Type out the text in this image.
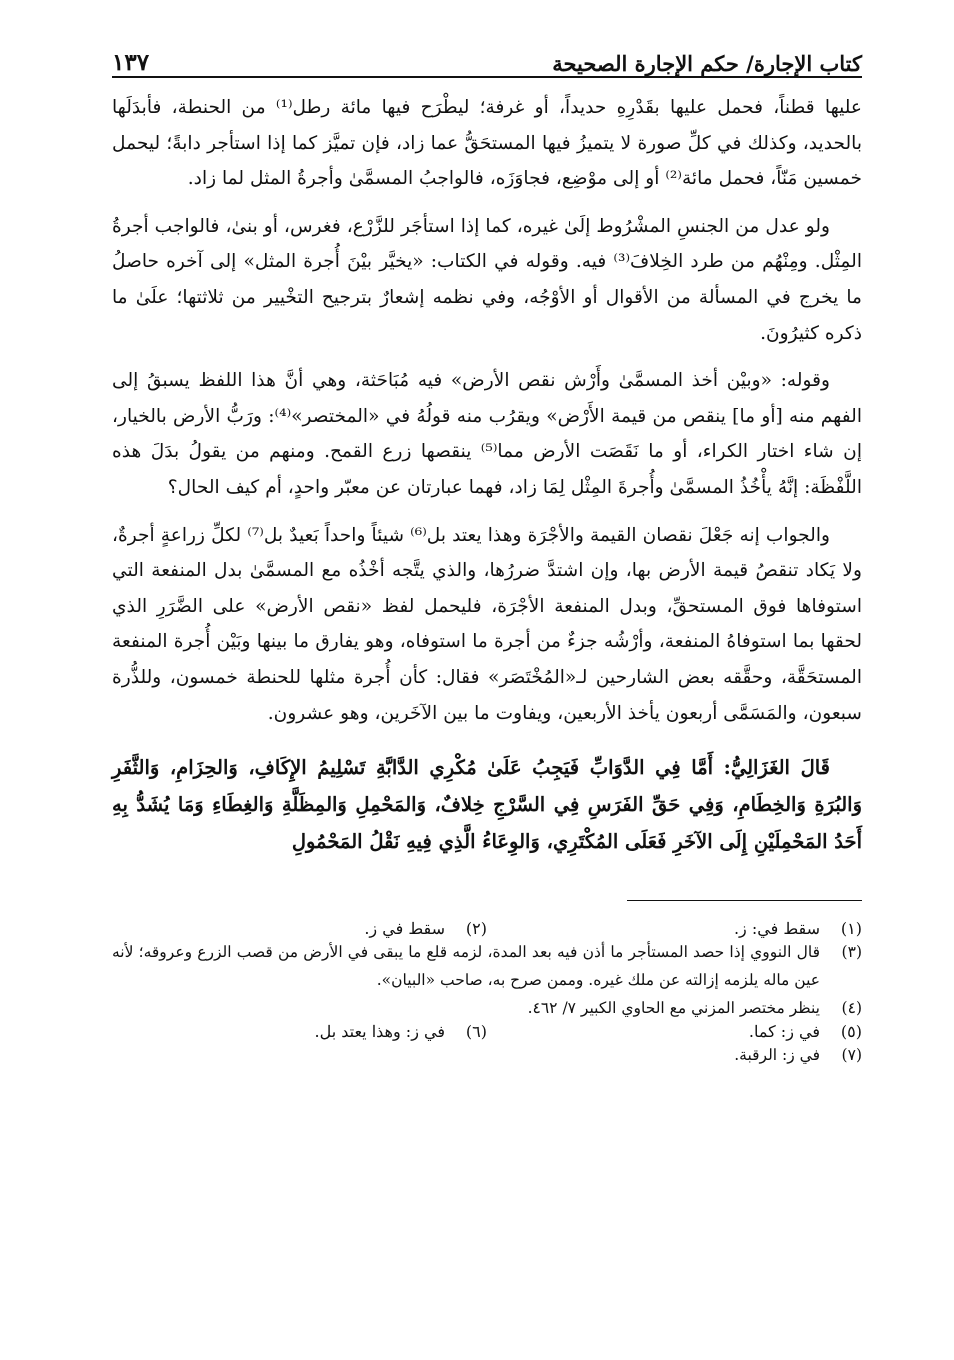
كتاب الإجارة/ حكم الإجارة الصحيحة
١٣٧

عليها قطناً، فحمل عليها بقَدْرِهِ حديداً، أو غرفة؛ ليطْرَح فيها مائة رطل⁽¹⁾ من الحنطة، فأبدَلَها بالحديد، وكذلك في كلِّ صورة لا يتميزُ فيها المستحَقُّ عما زاد، فإن تميَّز كما إذا استأجر دابةً؛ ليحمل خمسين مَنّاً، فحمل مائة⁽²⁾ أو إلى موْضِع، فجاوَزَه، فالواجبُ المسمَّىٰ وأجرةُ المثل لما زاد.

ولو عدل من الجنسِ المشْرُوط إلَىٰ غيره، كما إذا استأجَر للزَّرْع، فغرس، أو بنىٰ، فالواجب أجرةُ المِثْل. ومِنْهُم من طرد الخِلافَ⁽³⁾ فيه. وقوله في الكتاب: «يخيَّر بيْنَ أُجرة المثل» إلى آخره حاصلُ ما يخرج في المسألة من الأقوال أو الأوْجُه، وفي نظمه إشعارٌ بترجيح التخْيير من ثلاثتها؛ علَىٰ ما ذكره كثيرُونَ.

وقوله: «وبيْن أخذ المسمَّىٰ وأَرْش نقص الأرض» فيه مُبَاحَثة، وهي أنَّ هذا اللفظ يسبقُ إلى الفهم منه [أو ما] ينقص من قيمة الأَرْض» ويقرُب منه قولُهُ في «المختصر»⁽⁴⁾: ورَبُّ الأرض بالخيار، إن شاء اختار الكراء، أو ما نَقَصَت الأرض مما⁽⁵⁾ ينقصها زرع القمح. ومنهم من يقولُ بدَلَ هذه اللَّفْظَة: إنَّهُ يأْخُذُ المسمَّىٰ وأُجرةَ المِثْل لِمَا زاد، فهما عبارتان عن معبّر واحدٍ، أم كيف الحال؟

والجواب إنه جَعْلَ نقصان القيمة والأجْرَة وهذا يعتد بل⁽⁶⁾ شيئاً واحداً بَعيدٌ بل⁽⁷⁾ لكلِّ زراعةٍ أجرةٌ، ولا يَكاد تنقصُ قيمة الأرض بها، وإن اشتدَّ ضررُها، والذي يتَّجه أخْذُه مع المسمَّىٰ بدل المنفعة التي استوفاها فوق المستحقِّ، وبدل المنفعة الأجْرَة، فليحمل لفظ «نقص الأرض» على الضَّرَرِ الذي لحقها بما استوفاهُ المنفعة، وأرْشُه جزءٌ من أجرة ما استوفاه، وهو يفارق ما بينها وبَيْن أُجرة المنفعة المستحَقَّة، وحقَّقه بعض الشارحين لـ«المُخْتَصَر» فقال: كأن أُجرة مثلها للحنطة خمسون، وللذُّرة سبعون، والمَسَمَّى أربعون يأخذ الأربعين، ويفاوت ما بين الآخَرين، وهو عشرون.

قَالَ الغَزَالِيُّ: أَمَّا فِي الدَّوَابِّ فَيَجِبُ عَلَىٰ مُكْرِي الدَّابَّةِ تَسْلِيمُ الإِكَافِ، وَالحِزَامِ، وَالثَّفَرِ وَالبُرَةِ وَالخِطَامِ، وَفِي حَقِّ الفَرَسِ فِي السَّرْجِ خِلافٌ، وَالمَحْمِلِ وَالمِظَلَّةِ وَالغِطَاءِ وَمَا يُشَدُّ بِهِ أَحَدُ المَحْمِلَيْنِ إِلَى الآخَرِ فَعَلَى المُكْتَرِي، وَالوِعَاءُ الَّذِي فِيهِ نَقْلُ المَحْمُولِ

(١)
سقط في: ز.
(٢)
سقط في ز.
(٣)
قال النووي إذا حصد المستأجر ما أذن فيه بعد المدة، لزمه قلع ما يبقى في الأرض من قصب الزرع وعروقه؛ لأنه عين ماله يلزمه إزالته عن ملك غيره. وممن صرح به، صاحب «البيان».
(٤)
ينظر مختصر المزني مع الحاوي الكبير ٧/ ٤٦٢.
(٥)
في ز: كما.
(٦)
في ز: وهذا يعتد بل.
(٧)
في ز: الرقبة.
